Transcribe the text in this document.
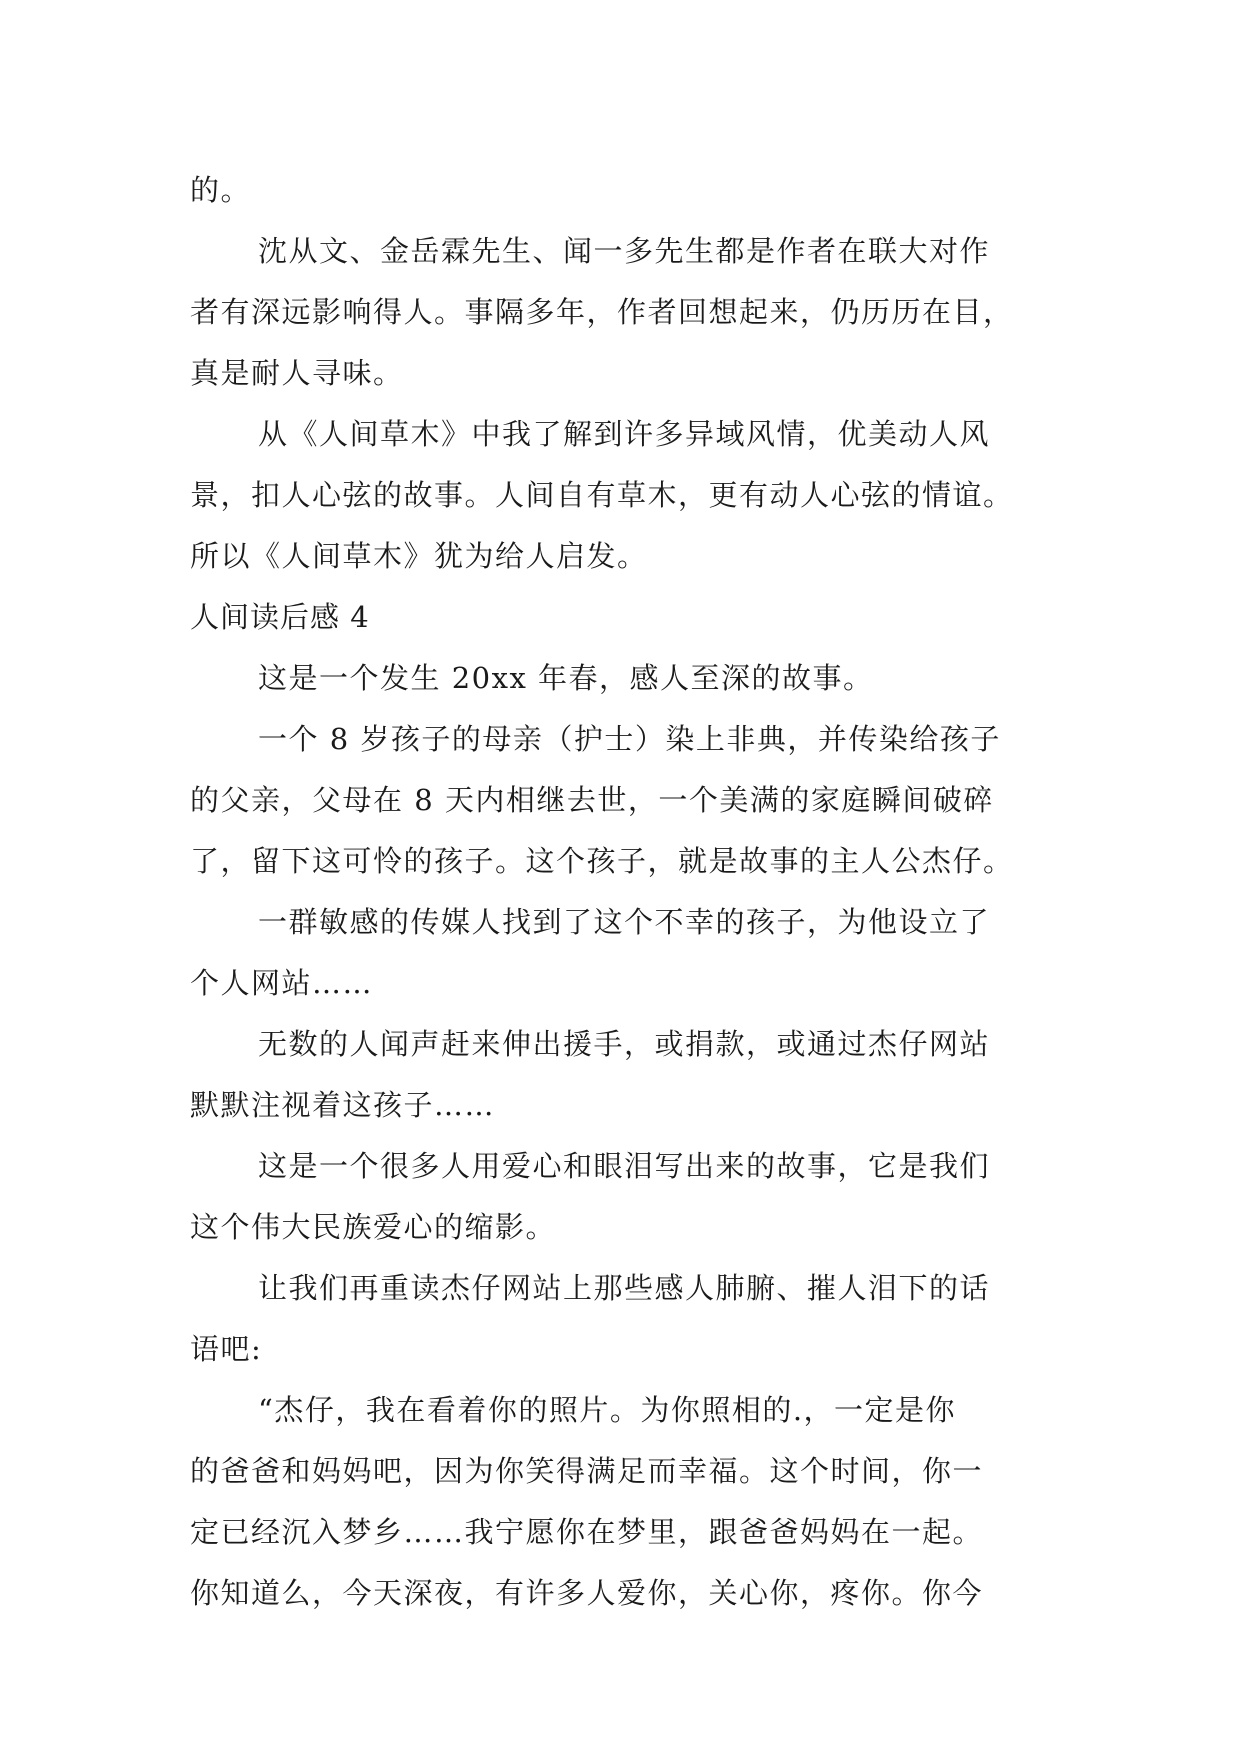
的。
沈从文、金岳霖先生、闻一多先生都是作者在联大对作
者有深远影响得人。事隔多年，作者回想起来，仍历历在目，
真是耐人寻味。
从《人间草木》中我了解到许多异域风情，优美动人风
景，扣人心弦的故事。人间自有草木，更有动人心弦的情谊。
所以《人间草木》犹为给人启发。
人间读后感 4
这是一个发生 20xx 年春，感人至深的故事。
一个 8 岁孩子的母亲（护士）染上非典，并传染给孩子
的父亲，父母在 8 天内相继去世，一个美满的家庭瞬间破碎
了，留下这可怜的孩子。这个孩子，就是故事的主人公杰仔。
一群敏感的传媒人找到了这个不幸的孩子，为他设立了
个人网站……
无数的人闻声赶来伸出援手，或捐款，或通过杰仔网站
默默注视着这孩子……
这是一个很多人用爱心和眼泪写出来的故事，它是我们
这个伟大民族爱心的缩影。
让我们再重读杰仔网站上那些感人肺腑、摧人泪下的话
语吧:
“杰仔，我在看着你的照片。为你照相的.，一定是你
的爸爸和妈妈吧，因为你笑得满足而幸福。这个时间，你一
定已经沉入梦乡……我宁愿你在梦里，跟爸爸妈妈在一起。
你知道么，今天深夜，有许多人爱你，关心你，疼你。你今
